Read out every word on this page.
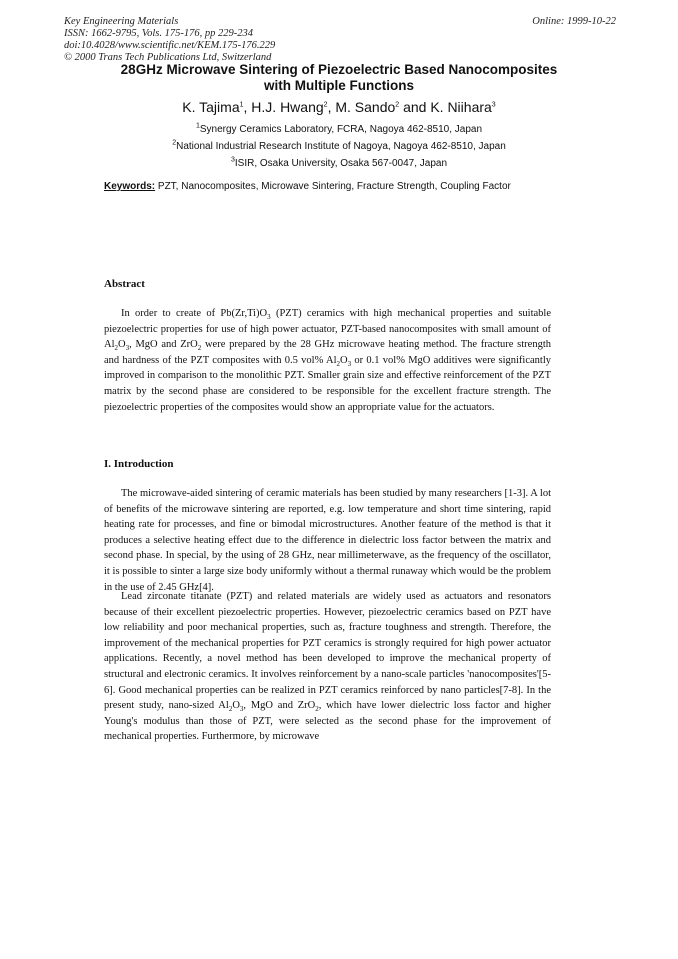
Key Engineering Materials
ISSN: 1662-9795, Vols. 175-176, pp 229-234
doi:10.4028/www.scientific.net/KEM.175-176.229
© 2000 Trans Tech Publications Ltd, Switzerland
Online: 1999-10-22
28GHz Microwave Sintering of Piezoelectric Based Nanocomposites
with Multiple Functions
K. Tajima$^1$, H.J. Hwang$^2$, M. Sando$^2$ and K. Niihara$^3$
$^1$Synergy Ceramics Laboratory, FCRA, Nagoya 462-8510, Japan
$^2$National Industrial Research Institute of Nagoya, Nagoya 462-8510, Japan
$^3$ISIR, Osaka University, Osaka 567-0047, Japan
Keywords: PZT, Nanocomposites, Microwave Sintering, Fracture Strength, Coupling Factor
Abstract

In order to create of $Pb(Zr,Ti)O_3$ (PZT) ceramics with high mechanical properties and suitable piezoelectric properties for use of high power actuator, PZT-based nanocomposites with small amount of $Al_2O_3$, MgO and ZrO$_2$ were prepared by the 28 GHz microwave heating method. The fracture strength and hardness of the PZT composites with 0.5 vol% $Al_2O_3$ or 0.1 vol% MgO additives were significantly improved in comparison to the monolithic PZT. Smaller grain size and effective reinforcement of the PZT matrix by the second phase are considered to be responsible for the excellent fracture strength. The piezoelectric properties of the composites would show an appropriate value for the actuators.

I. Introduction

The microwave-aided sintering of ceramic materials has been studied by many researchers [1-3]. A lot of benefits of the microwave sintering are reported, e.g. low temperature and short time sintering, rapid heating rate for processes, and fine or bimodal microstructures. Another feature of the method is that it produces a selective heating effect due to the difference in dielectric loss factor between the matrix and second phase. In special, by the using of 28 GHz, near millimeterwave, as the frequency of the oscillator, it is possible to sinter a large size body uniformly without a thermal runaway which would be the problem in the use of 2.45 GHz[4].

Lead zirconate titanate (PZT) and related materials are widely used as actuators and resonators because of their excellent piezoelectric properties. However, piezoelectric ceramics based on PZT have low reliability and poor mechanical properties, such as, fracture toughness and strength. Therefore, the improvement of the mechanical properties for PZT ceramics is strongly required for high power actuator applications. Recently, a novel method has been developed to improve the mechanical property of structural and electronic ceramics. It involves reinforcement by a nano-scale particles 'nanocomposites'[5-6]. Good mechanical properties can be realized in PZT ceramics reinforced by nano particles[7-8]. In the present study, nano-sized $Al_2O_3$, MgO and ZrO$_2$, which have lower dielectric loss factor and higher Young's modulus than those of PZT, were selected as the second phase for the improvement of mechanical properties. Furthermore, by microwave
